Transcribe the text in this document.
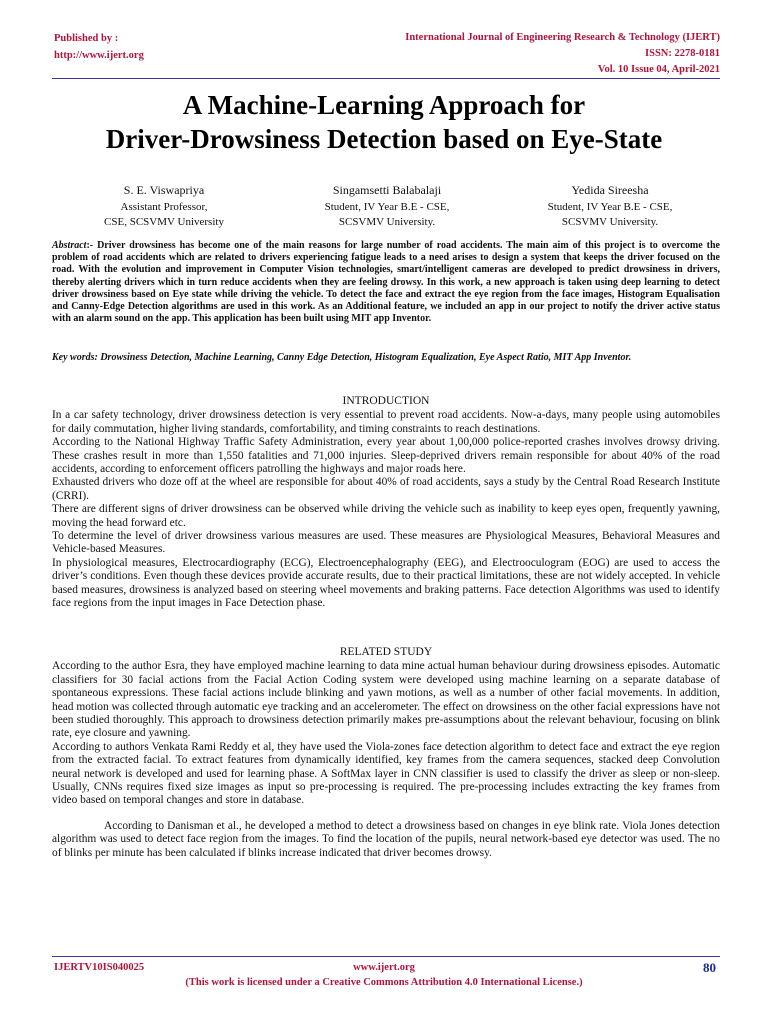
Published by :
http://www.ijert.org
International Journal of Engineering Research & Technology (IJERT)
ISSN: 2278-0181
Vol. 10 Issue 04, April-2021
A Machine-Learning Approach for
Driver-Drowsiness Detection based on Eye-State
S. E. Viswapriya
Assistant Professor,
CSE, SCSVMV University
Singamsetti Balabalaji
Student, IV Year B.E - CSE,
SCSVMV University.
Yedida Sireesha
Student, IV Year B.E - CSE,
SCSVMV University.
Abstract:- Driver drowsiness has become one of the main reasons for large number of road accidents. The main aim of this project is to overcome the problem of road accidents which are related to drivers experiencing fatigue leads to a need arises to design a system that keeps the driver focused on the road. With the evolution and improvement in Computer Vision technologies, smart/intelligent cameras are developed to predict drowsiness in drivers, thereby alerting drivers which in turn reduce accidents when they are feeling drowsy. In this work, a new approach is taken using deep learning to detect driver drowsiness based on Eye state while driving the vehicle. To detect the face and extract the eye region from the face images, Histogram Equalisation and Canny-Edge Detection algorithms are used in this work. As an Additional feature, we included an app in our project to notify the driver active status with an alarm sound on the app. This application has been built using MIT app Inventor.
Key words: Drowsiness Detection, Machine Learning, Canny Edge Detection, Histogram Equalization, Eye Aspect Ratio, MIT App Inventor.
INTRODUCTION

In a car safety technology, driver drowsiness detection is very essential to prevent road accidents. Now-a-days, many people using automobiles for daily commutation, higher living standards, comfortability, and timing constraints to reach destinations.

According to the National Highway Traffic Safety Administration, every year about 1,00,000 police-reported crashes involves drowsy driving. These crashes result in more than 1,550 fatalities and 71,000 injuries. Sleep-deprived drivers remain responsible for about 40% of the road accidents, according to enforcement officers patrolling the highways and major roads here.

Exhausted drivers who doze off at the wheel are responsible for about 40% of road accidents, says a study by the Central Road Research Institute (CRRI).

There are different signs of driver drowsiness can be observed while driving the vehicle such as inability to keep eyes open, frequently yawning, moving the head forward etc.

To determine the level of driver drowsiness various measures are used. These measures are Physiological Measures, Behavioral Measures and Vehicle-based Measures.

In physiological measures, Electrocardiography (ECG), Electroencephalography (EEG), and Electrooculogram (EOG) are used to access the driver’s conditions. Even though these devices provide accurate results, due to their practical limitations, these are not widely accepted. In vehicle based measures, drowsiness is analyzed based on steering wheel movements and braking patterns. Face detection Algorithms was used to identify face regions from the input images in Face Detection phase.

RELATED STUDY

According to the author Esra, they have employed machine learning to data mine actual human behaviour during drowsiness episodes. Automatic classifiers for 30 facial actions from the Facial Action Coding system were developed using machine learning on a separate database of spontaneous expressions. These facial actions include blinking and yawn motions, as well as a number of other facial movements. In addition, head motion was collected through automatic eye tracking and an accelerometer. The effect on drowsiness on the other facial expressions have not been studied thoroughly. This approach to drowsiness detection primarily makes pre-assumptions about the relevant behaviour, focusing on blink rate, eye closure and yawning.

According to authors Venkata Rami Reddy et al, they have used the Viola-zones face detection algorithm to detect face and extract the eye region from the extracted facial. To extract features from dynamically identified, key frames from the camera sequences, stacked deep Convolution neural network is developed and used for learning phase. A SoftMax layer in CNN classifier is used to classify the driver as sleep or non-sleep. Usually, CNNs requires fixed size images as input so pre-processing is required. The pre-processing includes extracting the key frames from video based on temporal changes and store in database.

According to Danisman et al., he developed a method to detect a drowsiness based on changes in eye blink rate. Viola Jones detection algorithm was used to detect face region from the images. To find the location of the pupils, neural network-based eye detector was used. The no of blinks per minute has been calculated if blinks increase indicated that driver becomes drowsy.

IJERTV10IS040025	www.ijert.org	80
(This work is licensed under a Creative Commons Attribution 4.0 International License.)
